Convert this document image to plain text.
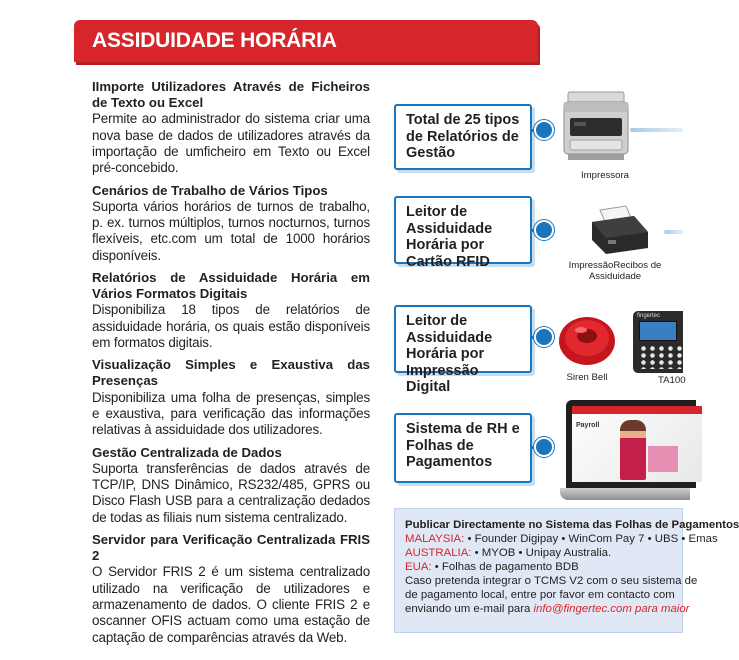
ASSIDUIDADE HORÁRIA
IImporte Utilizadores Através de Ficheiros de Texto ou Excel
Permite ao administrador do sistema criar uma nova base de dados de utilizadores através da importação de umficheiro em Texto ou Excel pré-concebido.
Cenários de Trabalho de Vários Tipos
Suporta vários horários de turnos de trabalho, p. ex. turnos múltiplos, turnos nocturnos, turnos flexíveis, etc.com um total de 1000 horários disponíveis.
Relatórios de Assiduidade Horária em Vários Formatos Digitais
Disponibiliza 18 tipos de relatórios de assiduidade horária, os quais estão disponíveis em formatos digitais.
Visualização Simples e Exaustiva das Presenças
Disponibiliza uma folha de presenças, simples e exaustiva, para verificação das informações relativas à assiduidade dos utilizadores.
Gestão Centralizada de Dados
Suporta transferências de dados através de TCP/IP, DNS Dinâmico, RS232/485, GPRS ou Disco Flash USB para a centralização dedados de todas as filiais num sistema centralizado.
Servidor para Verificação Centralizada FRIS 2
O Servidor FRIS 2 é um sistema centralizado utilizado na verificação de utilizadores e armazenamento de dados. O cliente FRIS 2 e oscanner OFIS actuam como uma estação de captação de comparências através da Web.
Total de 25 tipos de Relatórios de Gestão
Impressora
Leitor de Assiduidade Horária por Cartão RFID	ImpressãoRecibos de Assiduidade
Leitor de Assiduidade Horária por Impressão Digital
Siren Bell
fingertec
TA100
Sistema de RH e Folhas de Pagamentos
Payroll
Publicar Directamente no Sistema das Folhas de Pagamentos
MALAYSIA: • Founder Digipay • WinCom Pay 7 • UBS • Emas
AUSTRALIA: • MYOB • Unipay Australia.
EUA: • Folhas de pagamento BDB
Caso pretenda integrar o TCMS V2 com o seu sistema de
de pagamento local, entre por favor em contacto com
enviando um e-mail para info@fingertec.com para maior
